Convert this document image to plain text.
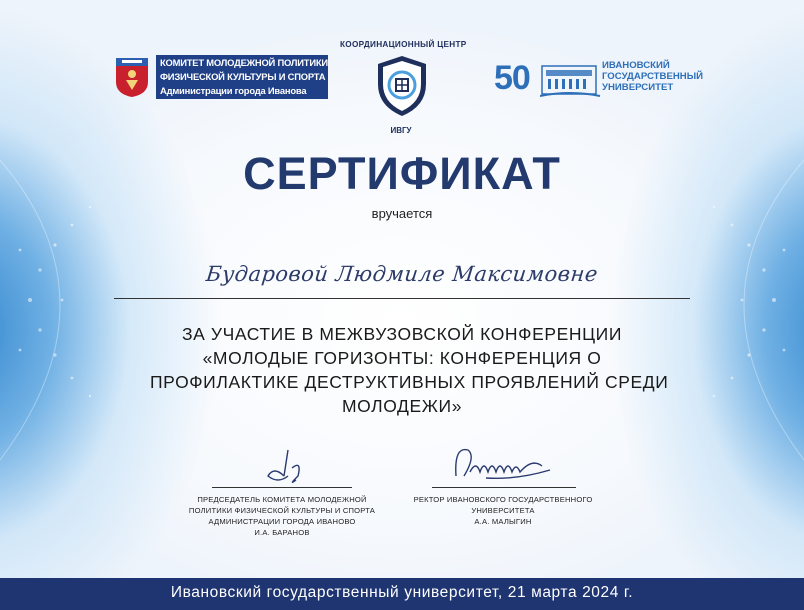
КОМИТЕТ МОЛОДЕЖНОЙ ПОЛИТИКИ
ФИЗИЧЕСКОЙ КУЛЬТУРЫ И СПОРТА
Администрации города Иванова
КООРДИНАЦИОННЫЙ ЦЕНТР
ИВГУ
50	ИВАНОВСКИЙ
ГОСУДАРСТВЕННЫЙ
УНИВЕРСИТЕТ
СЕРТИФИКАТ
вручается
Бударовой Людмиле Максимовне
ЗА УЧАСТИЕ В МЕЖВУЗОВСКОЙ КОНФЕРЕНЦИИ
«МОЛОДЫЕ ГОРИЗОНТЫ: КОНФЕРЕНЦИЯ О
ПРОФИЛАКТИКЕ ДЕСТРУКТИВНЫХ ПРОЯВЛЕНИЙ СРЕДИ
МОЛОДЕЖИ»
ПРЕДСЕДАТЕЛЬ КОМИТЕТА МОЛОДЕЖНОЙ
ПОЛИТИКИ ФИЗИЧЕСКОЙ КУЛЬТУРЫ И СПОРТА
АДМИНИСТРАЦИИ ГОРОДА ИВАНОВО
И.А. БАРАНОВ
РЕКТОР ИВАНОВСКОГО ГОСУДАРСТВЕННОГО
УНИВЕРСИТЕТА
А.А. МАЛЫГИН
Ивановский государственный университет, 21 марта 2024 г.
